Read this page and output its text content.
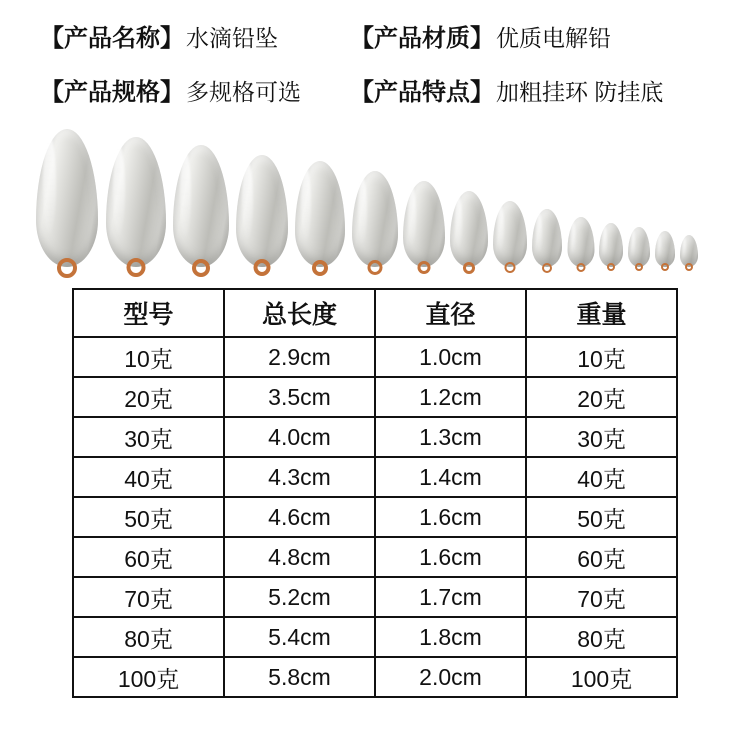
【产品名称】 水滴铅坠	【产品材质】 优质电解铅
【产品规格】 多规格可选 【产品特点】 加粗挂环 防挂底
型号	总长度	直径	重量
10克	2.9cm	1.0cm	10克
20克	3.5cm	1.2cm	20克
30克	4.0cm	1.3cm	30克
40克	4.3cm	1.4cm	40克
50克	4.6cm	1.6cm	50克
60克	4.8cm	1.6cm	60克
70克	5.2cm	1.7cm	70克
80克	5.4cm	1.8cm	80克
100克	5.8cm	2.0cm	100克
